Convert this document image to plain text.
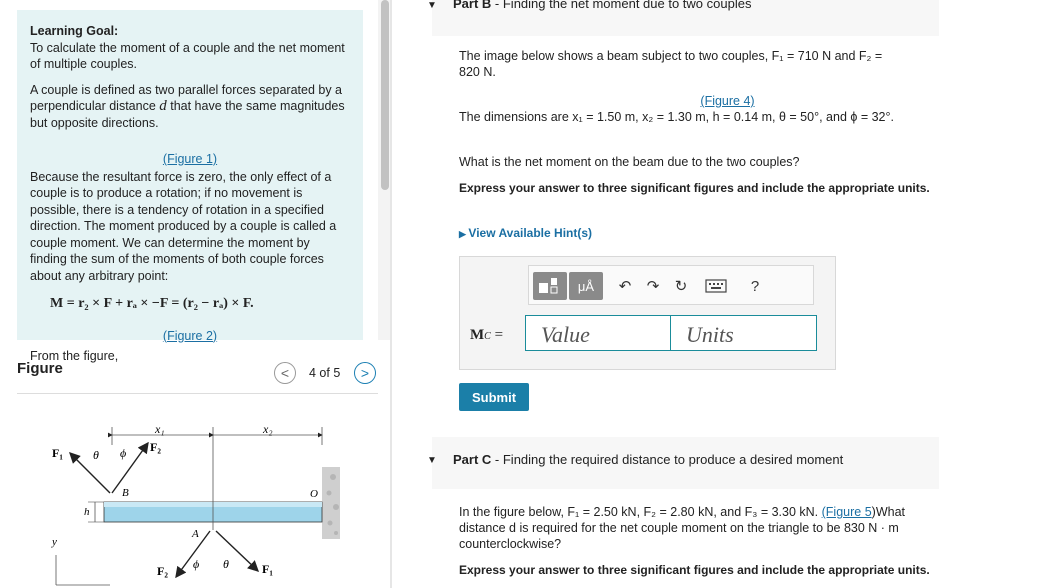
Learning Goal:

To calculate the moment of a couple and the net moment of multiple couples.

A couple is defined as two parallel forces separated by a perpendicular distance d that have the same magnitudes but opposite directions.

(Figure 1)

Because the resultant force is zero, the only effect of a couple is to produce a rotation; if no movement is possible, there is a tendency of rotation in a specified direction. The moment produced by a couple is called a couple moment. We can determine the moment by finding the sum of the moments of both couple forces about any arbitrary point:

M = r₂ × F + rₐ × −F = (r₂ − rₐ) × F.

(Figure 2)

From the figure,

Figure	< 4 of 5 >
x₁	x₂
h
F₁	F₂
θ ϕ
B
A
O
F₂	F₁
ϕ θ
y
▼ Part B - Finding the net moment due to two couples

The image below shows a beam subject to two couples, F₁ = 710 N and F₂ = 820 N.

(Figure 4)

The dimensions are x₁ = 1.50 m, x₂ = 1.30 m, h = 0.14 m, θ = 50°, and ϕ = 32°.

What is the net moment on the beam due to the two couples?

Express your answer to three significant figures and include the appropriate units.

▶ View Available Hint(s)
μÅ ↶ ↷ ↻	?
MC =	Value	Units
Submit
▼ Part C - Finding the required distance to produce a desired moment

In the figure below, F₁ = 2.50 kN, F₂ = 2.80 kN, and F₃ = 3.30 kN. (Figure 5)What distance d is required for the net couple moment on the triangle to be 830 N · m counterclockwise?

Express your answer to three significant figures and include the appropriate units.
